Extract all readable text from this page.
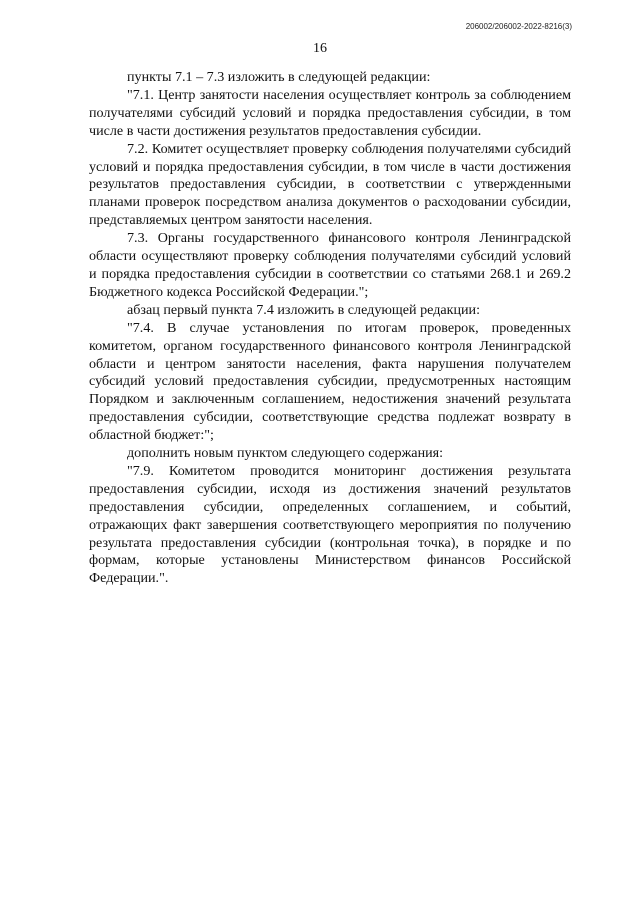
206002/206002-2022-8216(3)
16

пункты 7.1 – 7.3 изложить в следующей редакции:

"7.1. Центр занятости населения осуществляет контроль за соблюдением получателями субсидий условий и порядка предоставления субсидии, в том числе в части достижения результатов предоставления субсидии.

7.2. Комитет осуществляет проверку соблюдения получателями субсидий условий и порядка предоставления субсидии, в том числе в части достижения результатов предоставления субсидии, в соответствии с утвержденными планами проверок посредством анализа документов о расходовании субсидии, представляемых центром занятости населения.

7.3. Органы государственного финансового контроля Ленинградской области осуществляют проверку соблюдения получателями субсидий условий и порядка предоставления субсидии в соответствии со статьями 268.1 и 269.2 Бюджетного кодекса Российской Федерации.";

абзац первый пункта 7.4 изложить в следующей редакции:

"7.4. В случае установления по итогам проверок, проведенных комитетом, органом государственного финансового контроля Ленинградской области и центром занятости населения, факта нарушения получателем субсидий условий предоставления субсидии, предусмотренных настоящим Порядком и заключенным соглашением, недостижения значений результата предоставления субсидии, соответствующие средства подлежат возврату в областной бюджет:";

дополнить новым пунктом следующего содержания:

"7.9. Комитетом проводится мониторинг достижения результата предоставления субсидии, исходя из достижения значений результатов предоставления субсидии, определенных соглашением, и событий, отражающих факт завершения соответствующего мероприятия по получению результата предоставления субсидии (контрольная точка), в порядке и по формам, которые установлены Министерством финансов Российской Федерации.".
